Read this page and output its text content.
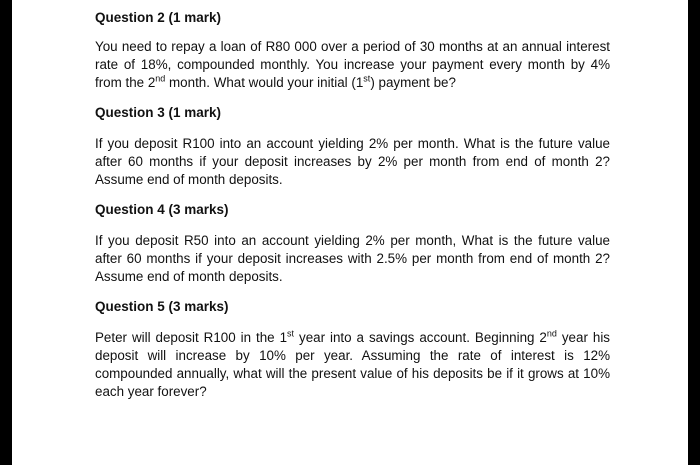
Question 2 (1 mark)

You need to repay a loan of R80 000 over a period of 30 months at an annual interest rate of 18%, compounded monthly. You increase your payment every month by 4% from the 2nd month. What would your initial (1st) payment be?

Question 3 (1 mark)

If you deposit R100 into an account yielding 2% per month. What is the future value after 60 months if your deposit increases by 2% per month from end of month 2? Assume end of month deposits.

Question 4 (3 marks)

If you deposit R50 into an account yielding 2% per month, What is the future value after 60 months if your deposit increases with 2.5% per month from end of month 2? Assume end of month deposits.

Question 5 (3 marks)

Peter will deposit R100 in the 1st year into a savings account. Beginning 2nd year his deposit will increase by 10% per year. Assuming the rate of interest is 12% compounded annually, what will the present value of his deposits be if it grows at 10% each year forever?
